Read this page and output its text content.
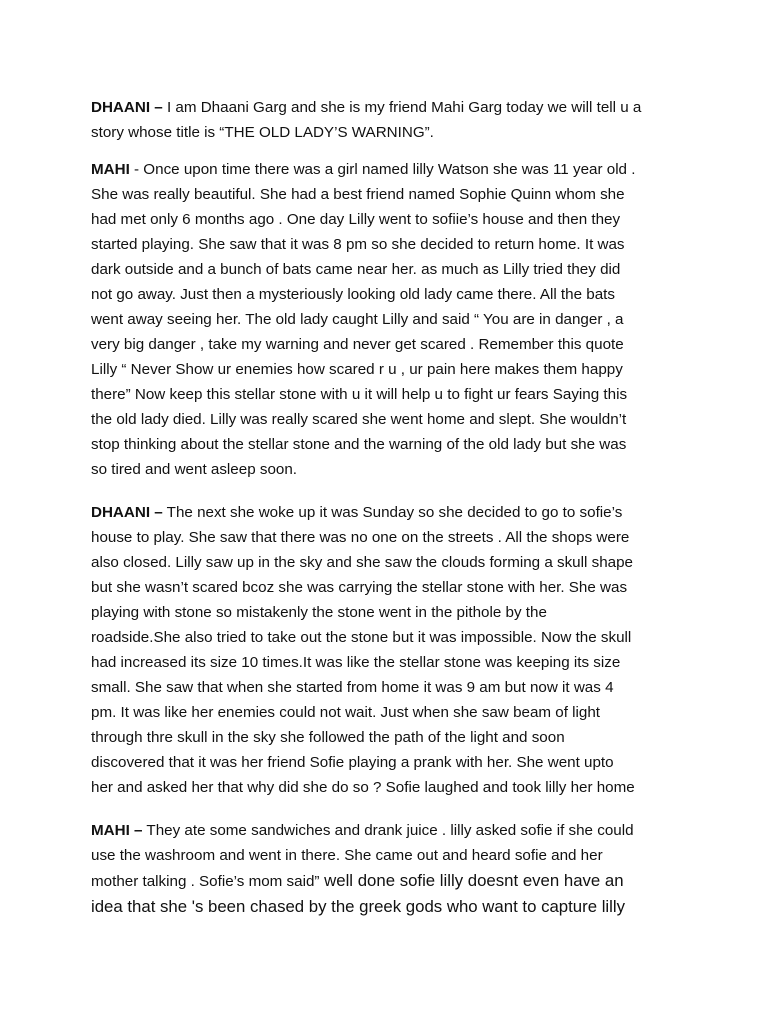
DHAANI – I am Dhaani Garg and she is my friend Mahi Garg today we will tell u a
story whose title is “THE OLD LADY’S WARNING”.

MAHI - Once upon time there was a girl named lilly Watson she was 11 year old .
She was really beautiful. She had a best friend named Sophie Quinn whom she
had met only 6 months ago . One day Lilly went to sofiie’s house and then they
started playing. She saw that it was 8 pm so she decided to return home. It was
dark outside and a bunch of bats came near her. as much as Lilly tried they did
not go away. Just then a mysteriously looking old lady came there. All the bats
went away seeing her. The old lady caught Lilly and said “ You are in danger , a
very big danger , take my warning and never get scared . Remember this quote
Lilly “ Never Show ur enemies how scared r u , ur pain here makes them happy
there” Now keep this stellar stone with u it will help u to fight ur fears Saying this
the old lady died. Lilly was really scared she went home and slept. She wouldn’t
stop thinking about the stellar stone and the warning of the old lady but she was
so tired and went asleep soon.

DHAANI – The next she woke up it was Sunday so she decided to go to sofie’s
house to play. She saw that there was no one on the streets . All the shops were
also closed. Lilly saw up in the sky and she saw the clouds forming a skull shape
but she wasn’t scared bcoz she was carrying the stellar stone with her. She was
playing with stone so mistakenly the stone went in the pithole by the
roadside.She also tried to take out the stone but it was impossible. Now the skull
had increased its size 10 times.It was like the stellar stone was keeping its size
small. She saw that when she started from home it was 9 am but now it was 4
pm. It was like her enemies could not wait. Just when she saw beam of light
through thre skull in the sky she followed the path of the light and soon
discovered that it was her friend Sofie playing a prank with her. She went upto
her and asked her that why did she do so ? Sofie laughed and took lilly her home

MAHI – They ate some sandwiches and drank juice . lilly asked sofie if she could
use the washroom and went in there. She came out and heard sofie and her
mother talking . Sofie’s mom said” well done sofie lilly doesnt even have an
idea that she 's been chased by the greek gods who want to capture lilly
